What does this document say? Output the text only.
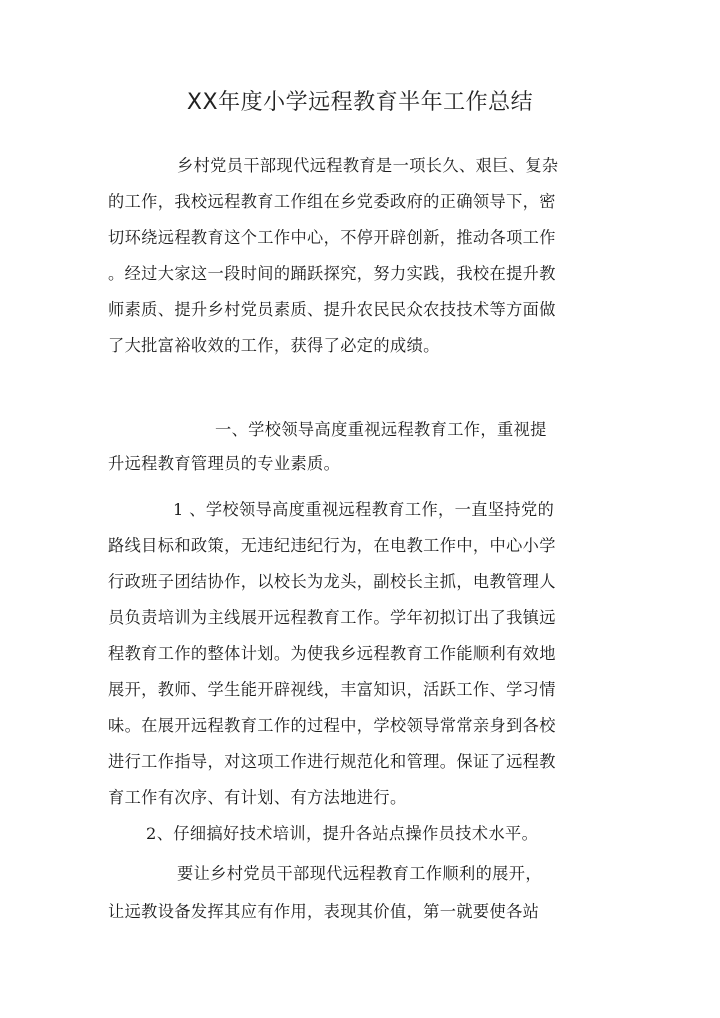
XX年度小学远程教育半年工作总结
乡村党员干部现代远程教育是一项长久、艰巨、复杂
的工作，我校远程教育工作组在乡党委政府的正确领导下，密
切环绕远程教育这个工作中心，不停开辟创新，推动各项工作
。经过大家这一段时间的踊跃探究，努力实践，我校在提升教
师素质、提升乡村党员素质、提升农民民众农技技术等方面做
了大批富裕收效的工作，获得了必定的成绩。
一、学校领导高度重视远程教育工作，重视提
升远程教育管理员的专业素质。
1 、学校领导高度重视远程教育工作，一直坚持党的
路线目标和政策，无违纪违纪行为，在电教工作中，中心小学
行政班子团结协作，以校长为龙头，副校长主抓，电教管理人
员负责培训为主线展开远程教育工作。学年初拟订出了我镇远
程教育工作的整体计划。为使我乡远程教育工作能顺利有效地
展开，教师、学生能开辟视线，丰富知识，活跃工作、学习情
味。在展开远程教育工作的过程中，学校领导常常亲身到各校
进行工作指导，对这项工作进行规范化和管理。保证了远程教
育工作有次序、有计划、有方法地进行。
2、仔细搞好技术培训，提升各站点操作员技术水平。
要让乡村党员干部现代远程教育工作顺利的展开，
让远教设备发挥其应有作用，表现其价值，第一就要使各站
